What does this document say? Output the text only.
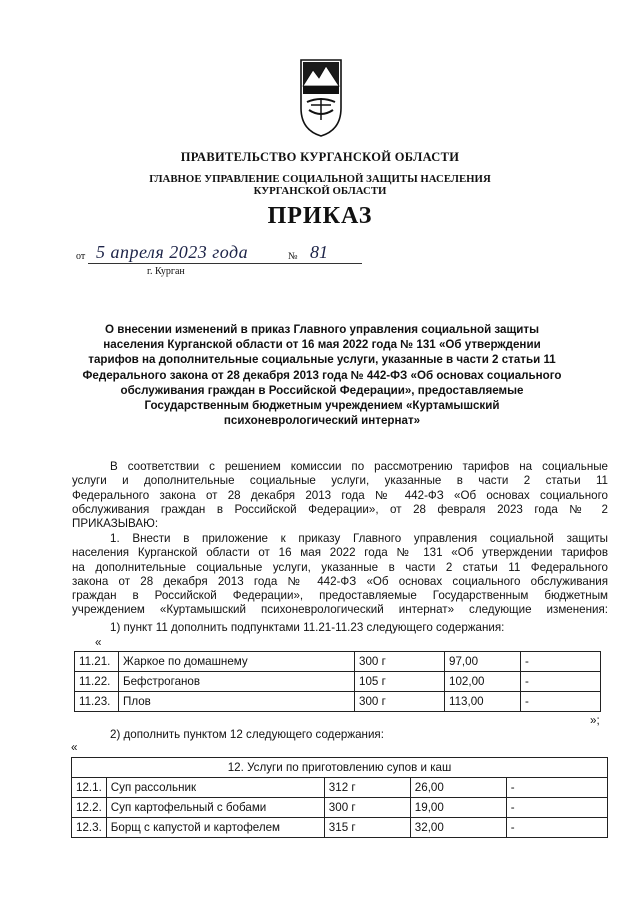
ПРАВИТЕЛЬСТВО КУРГАНСКОЙ ОБЛАСТИ
ГЛАВНОЕ УПРАВЛЕНИЕ СОЦИАЛЬНОЙ ЗАЩИТЫ НАСЕЛЕНИЯ
КУРГАНСКОЙ ОБЛАСТИ
ПРИКАЗ
от 5 апреля 2023 года	№ 81
г. Курган
О внесении изменений в приказ Главного управления социальной защиты
населения Курганской области от 16 мая 2022 года № 131 «Об утверждении
тарифов на дополнительные социальные услуги, указанные в части 2 статьи 11
Федерального закона от 28 декабря 2013 года № 442-ФЗ «Об основах социального
обслуживания граждан в Российской Федерации», предоставляемые
Государственным бюджетным учреждением «Куртамышский
психоневрологический интернат»
В соответствии с решением комиссии по рассмотрению тарифов на социальные
услуги и дополнительные социальные услуги, указанные в части 2 статьи 11
Федерального закона от 28 декабря 2013 года № 442-ФЗ «Об основах социального
обслуживания граждан в Российской Федерации», от 28 февраля 2023 года № 2
ПРИКАЗЫВАЮ:
1. Внести в приложение к приказу Главного управления социальной защиты
населения Курганской области от 16 мая 2022 года № 131 «Об утверждении тарифов
на дополнительные социальные услуги, указанные в части 2 статьи 11 Федерального
закона от 28 декабря 2013 года № 442-ФЗ «Об основах социального обслуживания
граждан в Российской Федерации», предоставляемые Государственным бюджетным
учреждением «Куртамышский психоневрологический интернат» следующие изменения:
1) пункт 11 дополнить подпунктами 11.21-11.23 следующего содержания:
«
11.21.	Жаркое по домашнему	300 г	97,00	-
11.22.	Бефстроганов	105 г	102,00	-
11.23.	Плов	300 г	113,00	-
»;
2) дополнить пунктом 12 следующего содержания:
«
12. Услуги по приготовлению супов и каш				
12.1.	Суп рассольник	312 г	26,00	-
12.2.	Суп картофельный с бобами	300 г	19,00	-
12.3.	Борщ с капустой и картофелем	315 г	32,00	-
